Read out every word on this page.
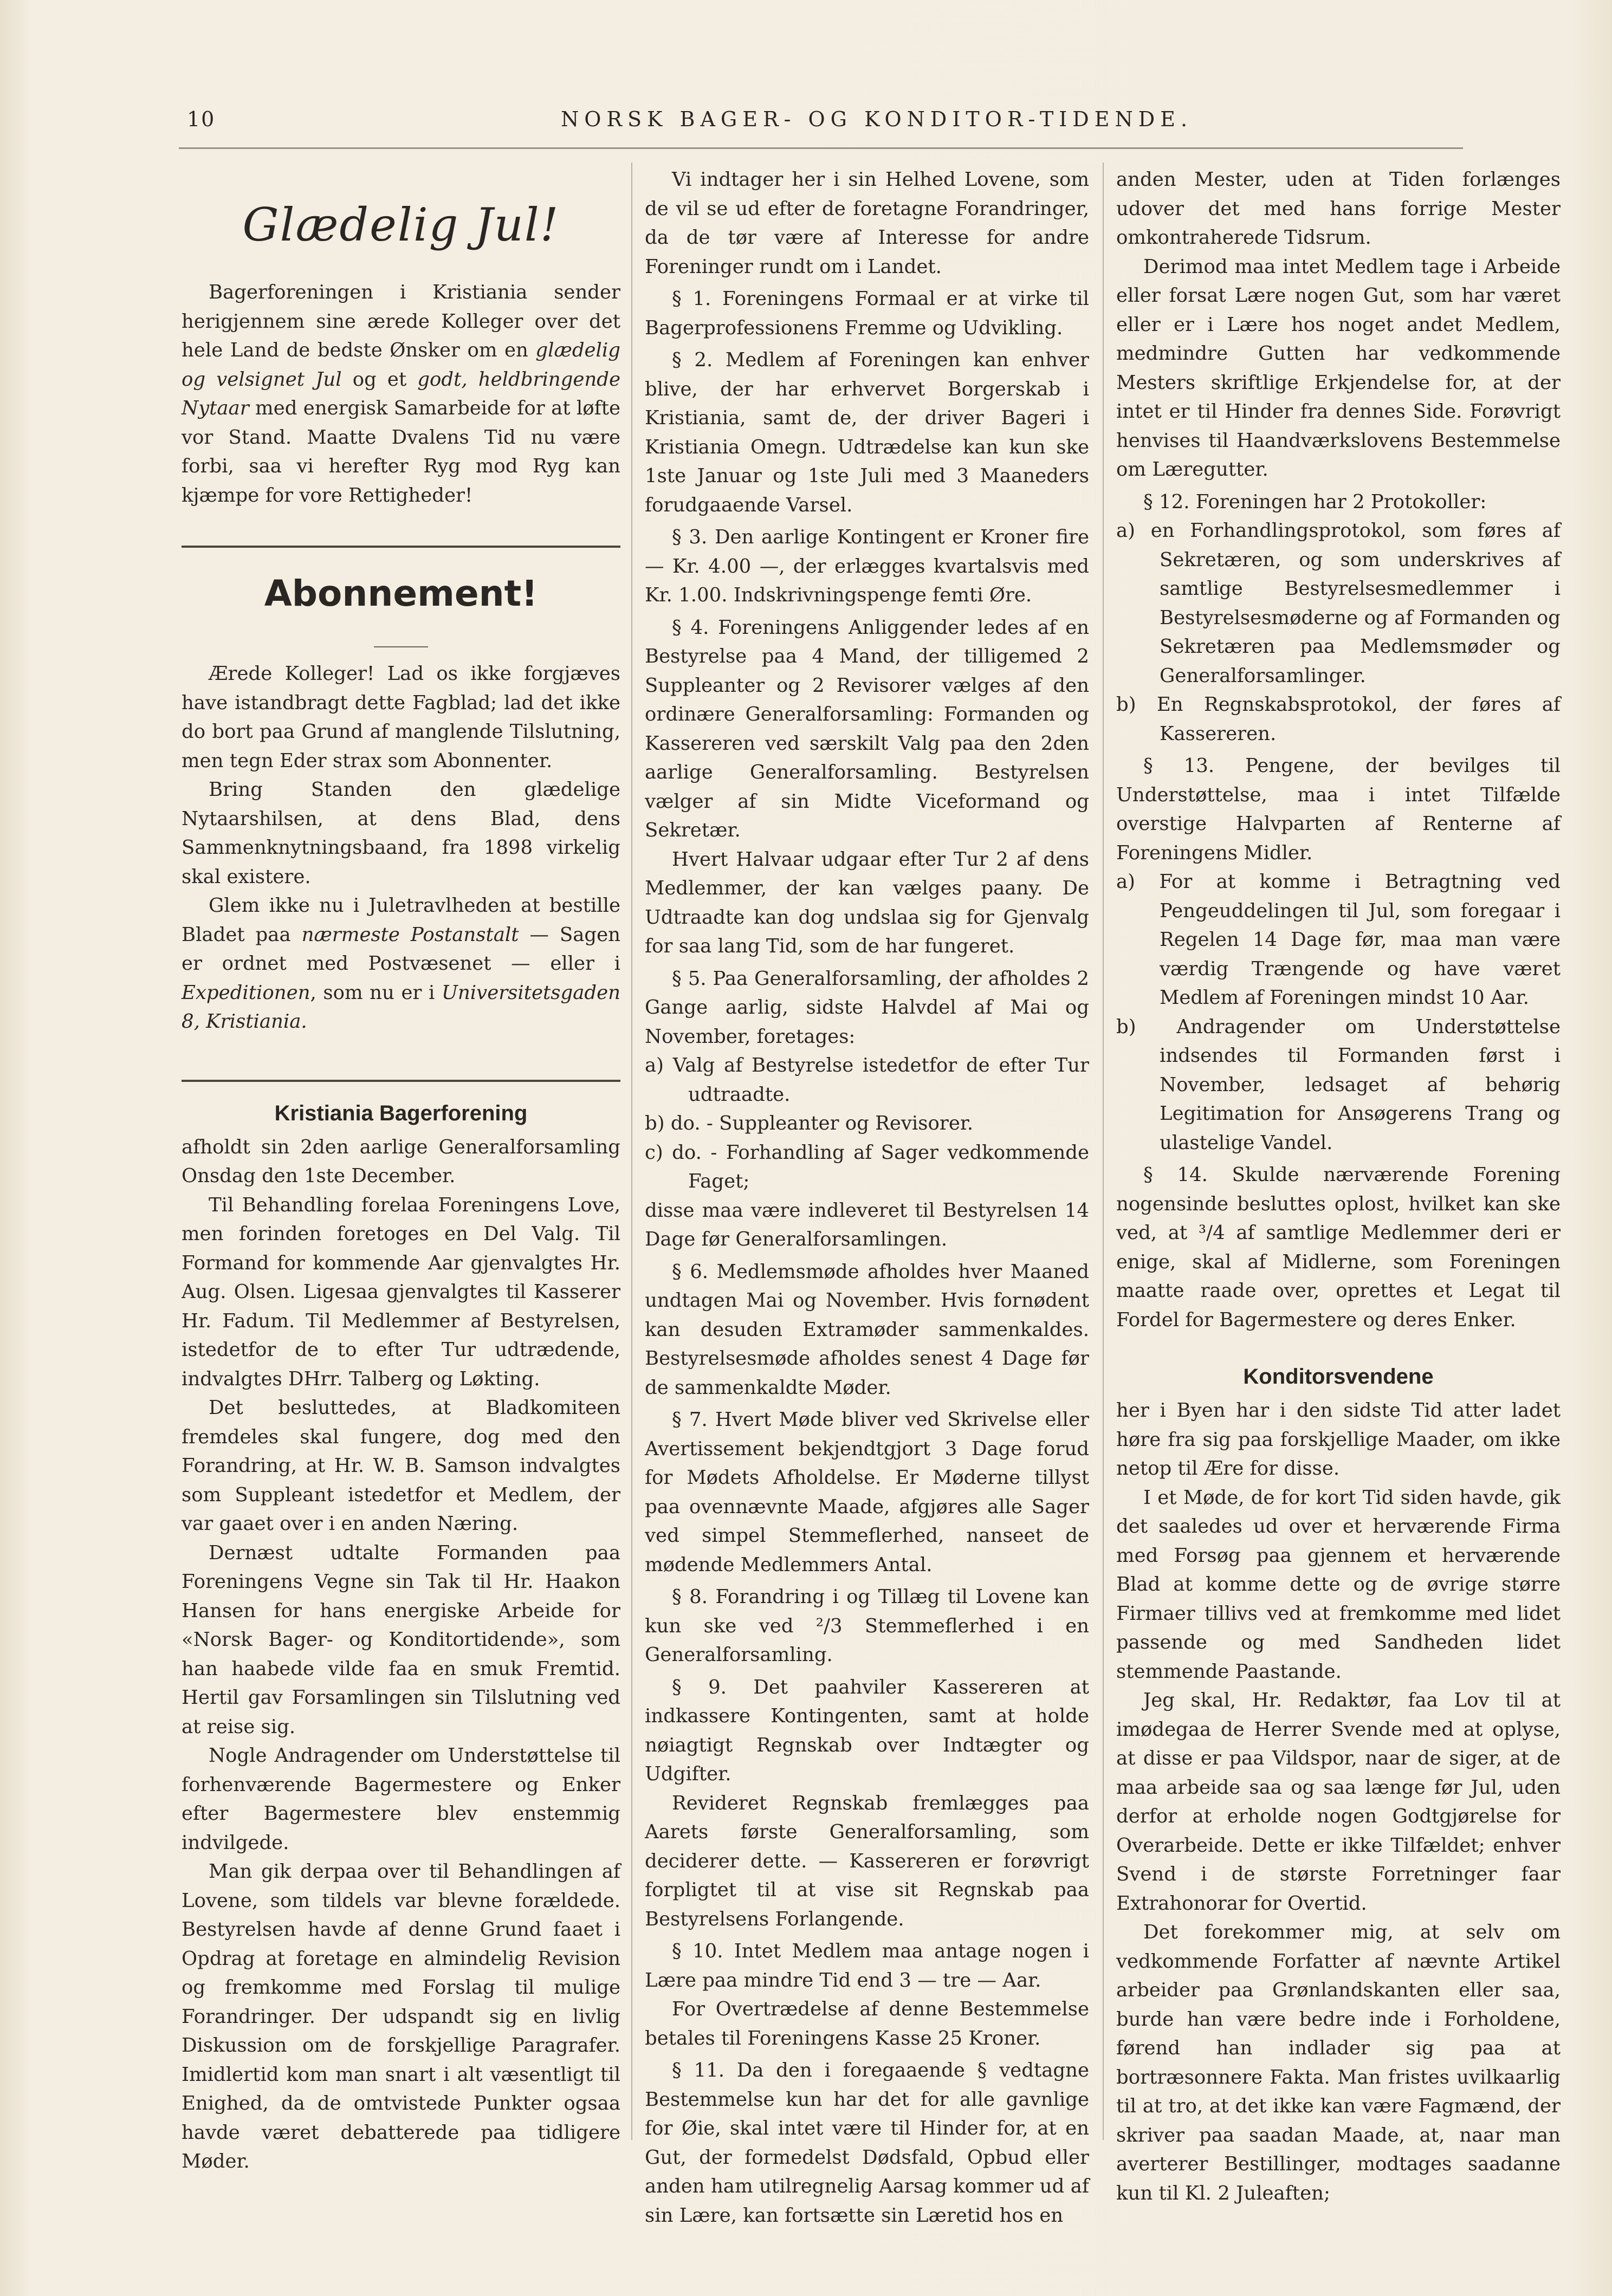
10	NORSK BAGER- OG KONDITOR-TIDENDE.
Glædelig Jul!

Bagerforeningen i Kristiania sender herigjennem sine ærede Kolleger over det hele Land de bedste Ønsker om en glædelig og velsignet Jul og et godt, heldbringende Nytaar med energisk Samarbeide for at løfte vor Stand. Maatte Dvalens Tid nu være forbi, saa vi herefter Ryg mod Ryg kan kjæmpe for vore Rettigheder!

Abonnement!

Ærede Kolleger! Lad os ikke forgjæves have istandbragt dette Fagblad; lad det ikke do bort paa Grund af manglende Tilslutning, men tegn Eder strax som Abonnenter.

Bring Standen den glædelige Nytaarshilsen, at dens Blad, dens Sammenknytningsbaand, fra 1898 virkelig skal existere.

Glem ikke nu i Juletravlheden at bestille Bladet paa nærmeste Postanstalt — Sagen er ordnet med Postvæsenet — eller i Expeditionen, som nu er i Universitetsgaden 8, Kristiania.

Kristiania Bagerforening

afholdt sin 2den aarlige Generalforsamling Onsdag den 1ste December.

Til Behandling forelaa Foreningens Love, men forinden foretoges en Del Valg. Til Formand for kommende Aar gjenvalgtes Hr. Aug. Olsen. Ligesaa gjenvalgtes til Kasserer Hr. Fadum. Til Medlemmer af Bestyrelsen, istedetfor de to efter Tur udtrædende, indvalgtes DHrr. Talberg og Løkting.

Det besluttedes, at Bladkomiteen fremdeles skal fungere, dog med den Forandring, at Hr. W. B. Samson indvalgtes som Suppleant istedetfor et Medlem, der var gaaet over i en anden Næring.

Dernæst udtalte Formanden paa Foreningens Vegne sin Tak til Hr. Haakon Hansen for hans energiske Arbeide for «Norsk Bager- og Konditortidende», som han haabede vilde faa en smuk Fremtid. Hertil gav Forsamlingen sin Tilslutning ved at reise sig.

Nogle Andragender om Understøttelse til forhenværende Bagermestere og Enker efter Bagermestere blev enstemmig indvilgede.

Man gik derpaa over til Behandlingen af Lovene, som tildels var blevne forældede. Bestyrelsen havde af denne Grund faaet i Opdrag at foretage en almindelig Revision og fremkomme med Forslag til mulige Forandringer. Der udspandt sig en livlig Diskussion om de forskjellige Paragrafer. Imidlertid kom man snart i alt væsentligt til Enighed, da de omtvistede Punkter ogsaa havde været debatterede paa tidligere Møder.

Vi indtager her i sin Helhed Lovene, som de vil se ud efter de foretagne Forandringer, da de tør være af Interesse for andre Foreninger rundt om i Landet.

§ 1. Foreningens Formaal er at virke til Bagerprofessionens Fremme og Udvikling.

§ 2. Medlem af Foreningen kan enhver blive, der har erhvervet Borgerskab i Kristiania, samt de, der driver Bageri i Kristiania Omegn. Udtrædelse kan kun ske 1ste Januar og 1ste Juli med 3 Maaneders forudgaaende Varsel.

§ 3. Den aarlige Kontingent er Kroner fire — Kr. 4.00 —, der erlægges kvartalsvis med Kr. 1.00. Indskrivningspenge femti Øre.

§ 4. Foreningens Anliggender ledes af en Bestyrelse paa 4 Mand, der tilligemed 2 Suppleanter og 2 Revisorer vælges af den ordinære Generalforsamling: Formanden og Kassereren ved særskilt Valg paa den 2den aarlige Generalforsamling. Bestyrelsen vælger af sin Midte Viceformand og Sekretær.

Hvert Halvaar udgaar efter Tur 2 af dens Medlemmer, der kan vælges paany. De Udtraadte kan dog undslaa sig for Gjenvalg for saa lang Tid, som de har fungeret.

§ 5. Paa Generalforsamling, der afholdes 2 Gange aarlig, sidste Halvdel af Mai og November, foretages:

a) Valg af Bestyrelse istedetfor de efter Tur udtraadte.

b) do. - Suppleanter og Revisorer.

c) do. - Forhandling af Sager vedkommende Faget;

disse maa være indleveret til Bestyrelsen 14 Dage før Generalforsamlingen.

§ 6. Medlemsmøde afholdes hver Maaned undtagen Mai og November. Hvis fornødent kan desuden Extramøder sammenkaldes. Bestyrelsesmøde afholdes senest 4 Dage før de sammenkaldte Møder.

§ 7. Hvert Møde bliver ved Skrivelse eller Avertissement bekjendtgjort 3 Dage forud for Mødets Afholdelse. Er Møderne tillyst paa ovennævnte Maade, afgjøres alle Sager ved simpel Stemmeflerhed, nanseet de mødende Medlemmers Antal.

§ 8. Forandring i og Tillæg til Lovene kan kun ske ved ²/3 Stemmeflerhed i en Generalforsamling.

§ 9. Det paahviler Kassereren at indkassere Kontingenten, samt at holde nøiagtigt Regnskab over Indtægter og Udgifter.

Revideret Regnskab fremlægges paa Aarets første Generalforsamling, som deciderer dette. — Kassereren er forøvrigt forpligtet til at vise sit Regnskab paa Bestyrelsens Forlangende.

§ 10. Intet Medlem maa antage nogen i Lære paa mindre Tid end 3 — tre — Aar.

For Overtrædelse af denne Bestemmelse betales til Foreningens Kasse 25 Kroner.

§ 11. Da den i foregaaende § vedtagne Bestemmelse kun har det for alle gavnlige for Øie, skal intet være til Hinder for, at en Gut, der formedelst Dødsfald, Opbud eller anden ham utilregnelig Aarsag kommer ud af sin Lære, kan fortsætte sin Læretid hos en

anden Mester, uden at Tiden forlænges udover det med hans forrige Mester omkontraherede Tidsrum.

Derimod maa intet Medlem tage i Arbeide eller forsat Lære nogen Gut, som har været eller er i Lære hos noget andet Medlem, medmindre Gutten har vedkommende Mesters skriftlige Erkjendelse for, at der intet er til Hinder fra dennes Side. Forøvrigt henvises til Haandværkslovens Bestemmelse om Læregutter.

§ 12. Foreningen har 2 Protokoller:

a) en Forhandlingsprotokol, som føres af Sekretæren, og som underskrives af samtlige Bestyrelsesmedlemmer i Bestyrelsesmøderne og af Formanden og Sekretæren paa Medlemsmøder og Generalforsamlinger.

b) En Regnskabsprotokol, der føres af Kassereren.

§ 13. Pengene, der bevilges til Understøttelse, maa i intet Tilfælde overstige Halvparten af Renterne af Foreningens Midler.

a) For at komme i Betragtning ved Pengeuddelingen til Jul, som foregaar i Regelen 14 Dage før, maa man være værdig Trængende og have været Medlem af Foreningen mindst 10 Aar.

b) Andragender om Understøttelse indsendes til Formanden først i November, ledsaget af behørig Legitimation for Ansøgerens Trang og ulastelige Vandel.

§ 14. Skulde nærværende Forening nogensinde besluttes oplost, hvilket kan ske ved, at ³/4 af samtlige Medlemmer deri er enige, skal af Midlerne, som Foreningen maatte raade over, oprettes et Legat til Fordel for Bagermestere og deres Enker.

Konditorsvendene

her i Byen har i den sidste Tid atter ladet høre fra sig paa forskjellige Maader, om ikke netop til Ære for disse.

I et Møde, de for kort Tid siden havde, gik det saaledes ud over et herværende Firma med Forsøg paa gjennem et herværende Blad at komme dette og de øvrige større Firmaer tillivs ved at fremkomme med lidet passende og med Sandheden lidet stemmende Paastande.

Jeg skal, Hr. Redaktør, faa Lov til at imødegaa de Herrer Svende med at oplyse, at disse er paa Vildspor, naar de siger, at de maa arbeide saa og saa længe før Jul, uden derfor at erholde nogen Godtgjørelse for Overarbeide. Dette er ikke Tilfældet; enhver Svend i de største Forretninger faar Extrahonorar for Overtid.

Det forekommer mig, at selv om vedkommende Forfatter af nævnte Artikel arbeider paa Grønlandskanten eller saa, burde han være bedre inde i Forholdene, førend han indlader sig paa at bortræsonnere Fakta. Man fristes uvilkaarlig til at tro, at det ikke kan være Fagmænd, der skriver paa saadan Maade, at, naar man averterer Bestillinger, modtages saadanne kun til Kl. 2 Juleaften;
